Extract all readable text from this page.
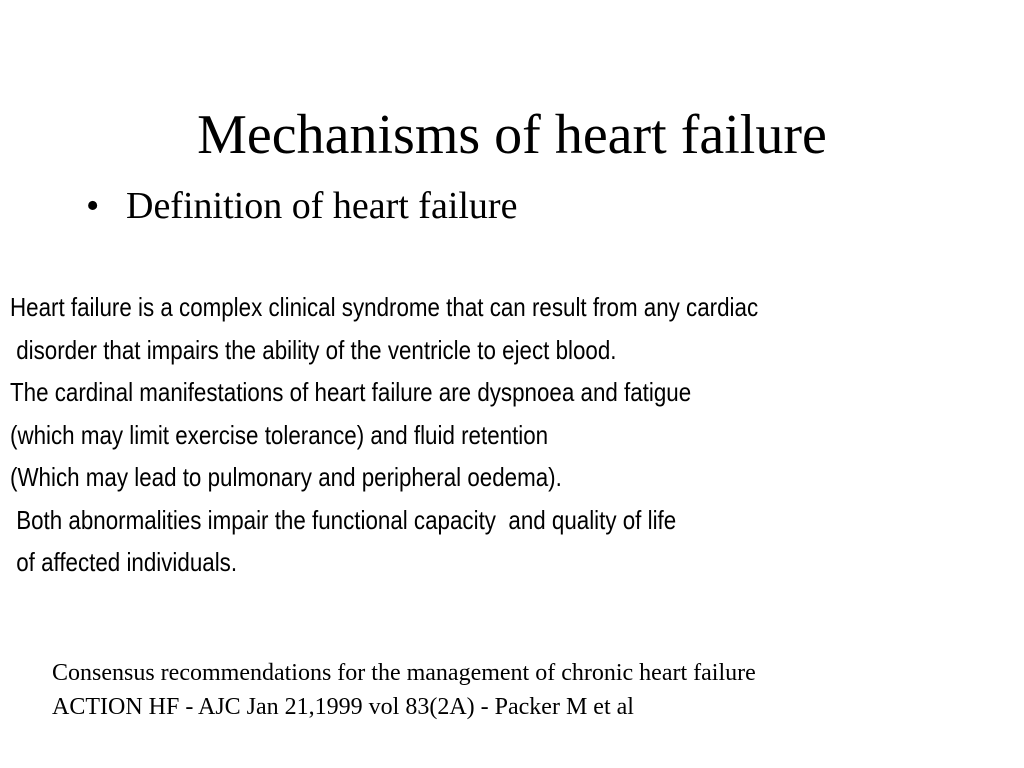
Mechanisms of heart failure
• Definition of heart failure
Heart failure is a complex clinical syndrome that can result from any cardiac
disorder that impairs the ability of the ventricle to eject blood.
The cardinal manifestations of heart failure are dyspnoea and fatigue
(which may limit exercise tolerance) and fluid retention
(Which may lead to pulmonary and peripheral oedema).
Both abnormalities impair the functional capacity  and quality of life
of affected individuals.
Consensus recommendations for the management of chronic heart failure
ACTION HF - AJC Jan 21,1999 vol 83(2A) - Packer M et al
